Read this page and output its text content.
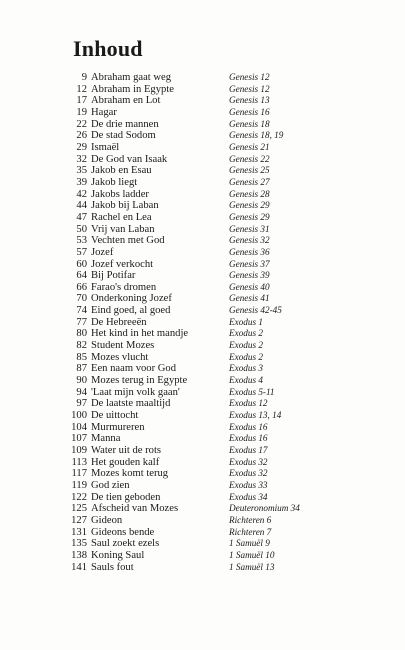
Inhoud
9 Abraham gaat weg	Genesis 12
12 Abraham in Egypte	Genesis 12
17 Abraham en Lot	Genesis 13
19 Hagar	Genesis 16
22 De drie mannen	Genesis 18
26 De stad Sodom	Genesis 18, 19
29 Ismaël	Genesis 21
32 De God van Isaak	Genesis 22
35 Jakob en Esau	Genesis 25
39 Jakob liegt	Genesis 27
42 Jakobs ladder	Genesis 28
44 Jakob bij Laban	Genesis 29
47 Rachel en Lea	Genesis 29
50 Vrij van Laban	Genesis 31
53 Vechten met God	Genesis 32
57 Jozef	Genesis 36
60 Jozef verkocht	Genesis 37
64 Bij Potifar	Genesis 39
66 Farao's dromen	Genesis 40
70 Onderkoning Jozef	Genesis 41
74 Eind goed, al goed	Genesis 42-45
77 De Hebreeën	Exodus 1
80 Het kind in het mandje	Exodus 2
82 Student Mozes	Exodus 2
85 Mozes vlucht	Exodus 2
87 Een naam voor God	Exodus 3
90 Mozes terug in Egypte	Exodus 4
94 'Laat mijn volk gaan'	Exodus 5-11
97 De laatste maaltijd	Exodus 12
100 De uittocht	Exodus 13, 14
104 Murmureren	Exodus 16
107 Manna	Exodus 16
109 Water uit de rots	Exodus 17
113 Het gouden kalf	Exodus 32
117 Mozes komt terug	Exodus 32
119 God zien	Exodus 33
122 De tien geboden	Exodus 34
125 Afscheid van Mozes	Deuteronomium 34
127 Gideon	Richteren 6
131 Gideons bende	Richteren 7
135 Saul zoekt ezels	1 Samuël 9
138 Koning Saul	1 Samuël 10
141 Sauls fout	1 Samuël 13
